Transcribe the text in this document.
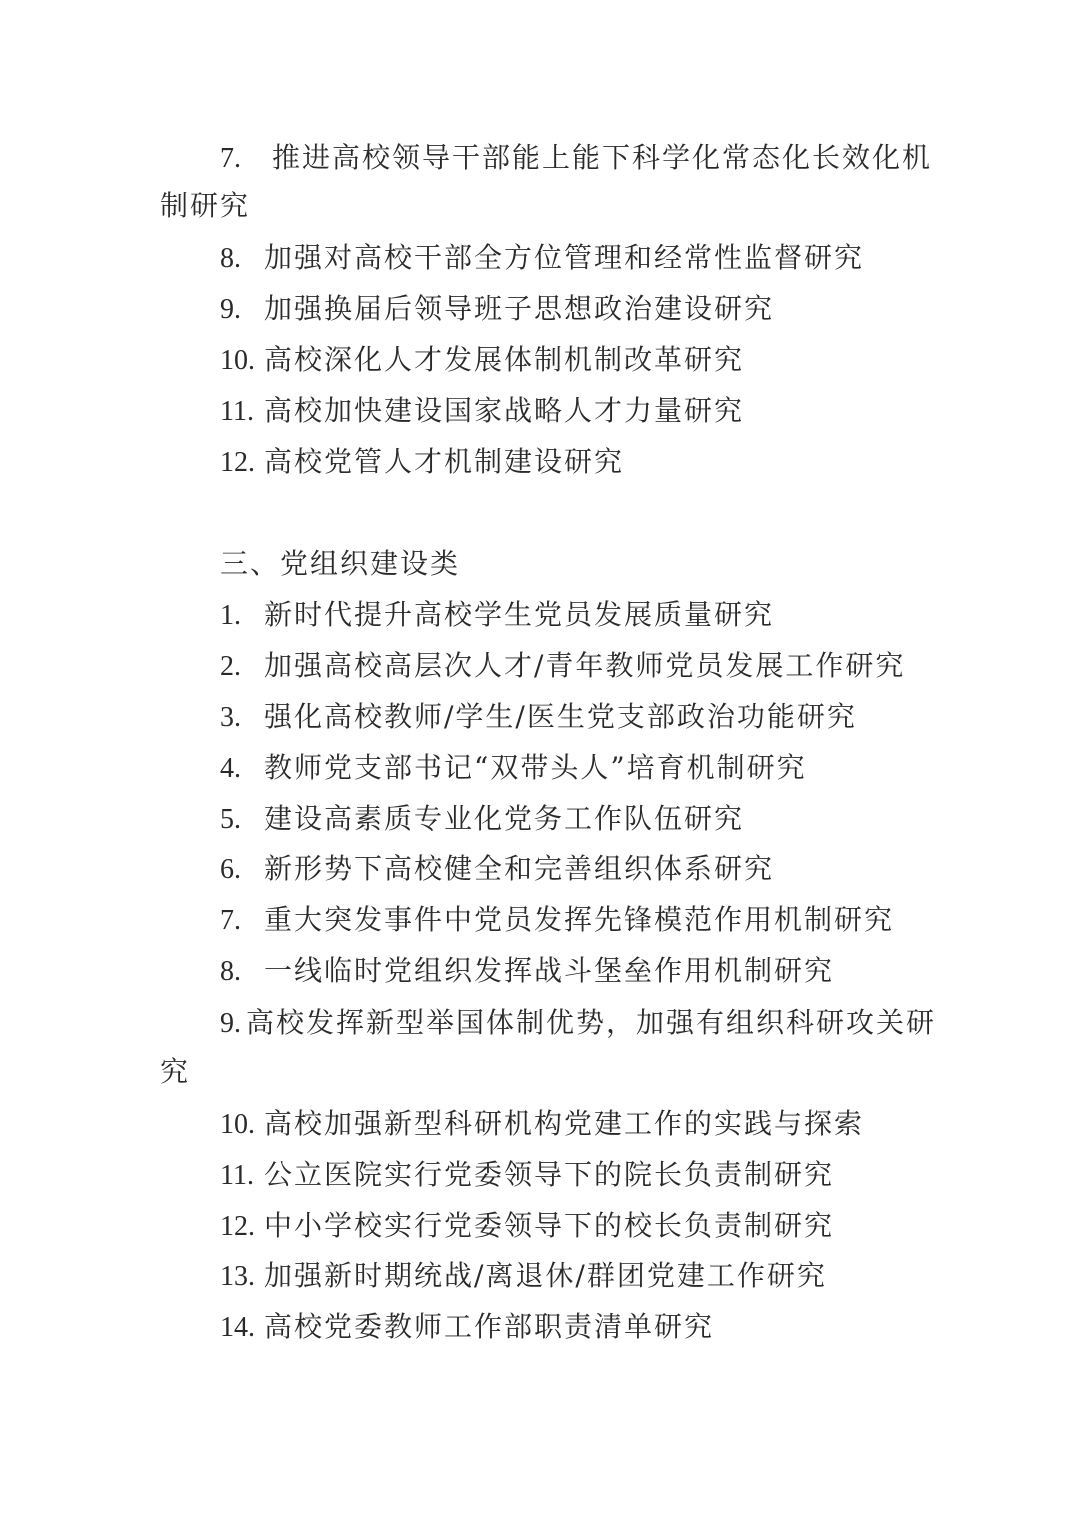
7. 推进高校领导干部能上能下科学化常态化长效化机
制研究
8. 加强对高校干部全方位管理和经常性监督研究
9. 加强换届后领导班子思想政治建设研究
10. 高校深化人才发展体制机制改革研究
11. 高校加快建设国家战略人才力量研究
12. 高校党管人才机制建设研究
三、党组织建设类
1. 新时代提升高校学生党员发展质量研究
2. 加强高校高层次人才/青年教师党员发展工作研究
3. 强化高校教师/学生/医生党支部政治功能研究
4. 教师党支部书记“双带头人”培育机制研究
5. 建设高素质专业化党务工作队伍研究
6. 新形势下高校健全和完善组织体系研究
7. 重大突发事件中党员发挥先锋模范作用机制研究
8. 一线临时党组织发挥战斗堡垒作用机制研究
9. 高校发挥新型举国体制优势，加强有组织科研攻关研
究
10. 高校加强新型科研机构党建工作的实践与探索
11. 公立医院实行党委领导下的院长负责制研究
12. 中小学校实行党委领导下的校长负责制研究
13. 加强新时期统战/离退休/群团党建工作研究
14. 高校党委教师工作部职责清单研究
